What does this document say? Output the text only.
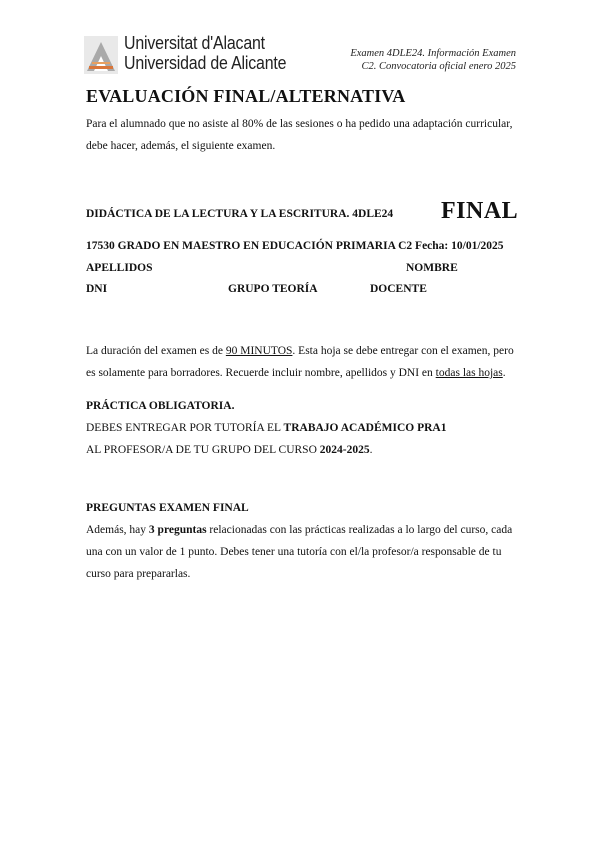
Universitat d'Alacant
Universidad de Alicante	Examen 4DLE24. Información Examen
C2. Convocatoria oficial enero 2025
EVALUACIÓN FINAL/ALTERNATIVA
Para el alumnado que no asiste al 80% de las sesiones o ha pedido una adaptación curricular,
debe hacer, además, el siguiente examen.
DIDÁCTICA DE LA LECTURA Y LA ESCRITURA. 4DLE24 FINAL
17530 GRADO EN MAESTRO EN EDUCACIÓN PRIMARIA C2 Fecha: 10/01/2025
APELLIDOS	NOMBRE
DNI	GRUPO TEORÍA	DOCENTE
La duración del examen es de 90 MINUTOS. Esta hoja se debe entregar con el examen, pero
es solamente para borradores. Recuerde incluir nombre, apellidos y DNI en todas las hojas.
PRÁCTICA OBLIGATORIA.
DEBES ENTREGAR POR TUTORÍA EL TRABAJO ACADÉMICO PRA1
AL PROFESOR/A DE TU GRUPO DEL CURSO 2024-2025.
PREGUNTAS EXAMEN FINAL
Además, hay 3 preguntas relacionadas con las prácticas realizadas a lo largo del curso, cada
una con un valor de 1 punto. Debes tener una tutoría con el/la profesor/a responsable de tu
curso para prepararlas.
